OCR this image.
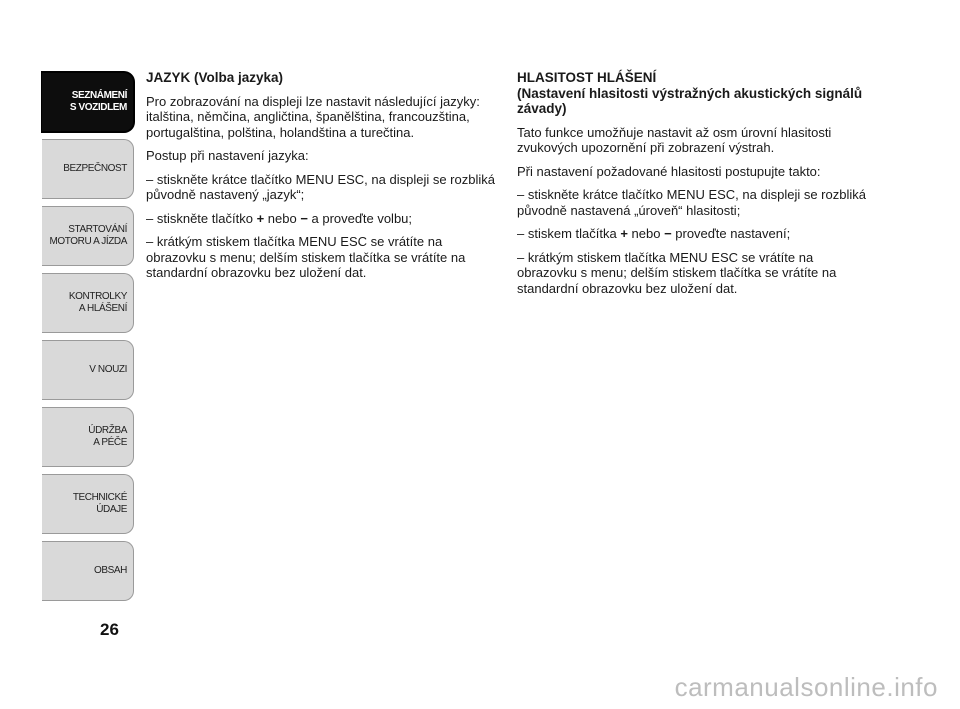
SEZNÁMENÍ
S VOZIDLEM
BEZPEČNOST
STARTOVÁNÍ
MOTORU A JÍZDA
KONTROLKY
A HLÁŠENÍ
V NOUZI
ÚDRŽBA
A PÉČE
TECHNICKÉ
ÚDAJE
OBSAH
26
JAZYK (Volba jazyka)

Pro zobrazování na displeji lze nastavit následující jazyky: italština, němčina, angličtina, španělština, francouzština, portugalština, polština, holandština a turečtina.

Postup při nastavení jazyka:

– stiskněte krátce tlačítko MENU ESC, na displeji se rozbliká původně nastavený „jazyk“;

– stiskněte tlačítko + nebo − a proveďte volbu;

– krátkým stiskem tlačítka MENU ESC se vrátíte na obrazovku s menu; delším stiskem tlačítka se vrátíte na standardní obrazovku bez uložení dat.

HLASITOST HLÁŠENÍ
(Nastavení hlasitosti výstražných akustických signálů závady)

Tato funkce umožňuje nastavit až osm úrovní hlasitosti zvukových upozornění při zobrazení výstrah.

Při nastavení požadované hlasitosti postupujte takto:

– stiskněte krátce tlačítko MENU ESC, na displeji se rozbliká původně nastavená „úroveň“ hlasitosti;

– stiskem tlačítka + nebo − proveďte nastavení;

– krátkým stiskem tlačítka MENU ESC se vrátíte na obrazovku s menu; delším stiskem tlačítka se vrátíte na standardní obrazovku bez uložení dat.

carmanualsonline.info
